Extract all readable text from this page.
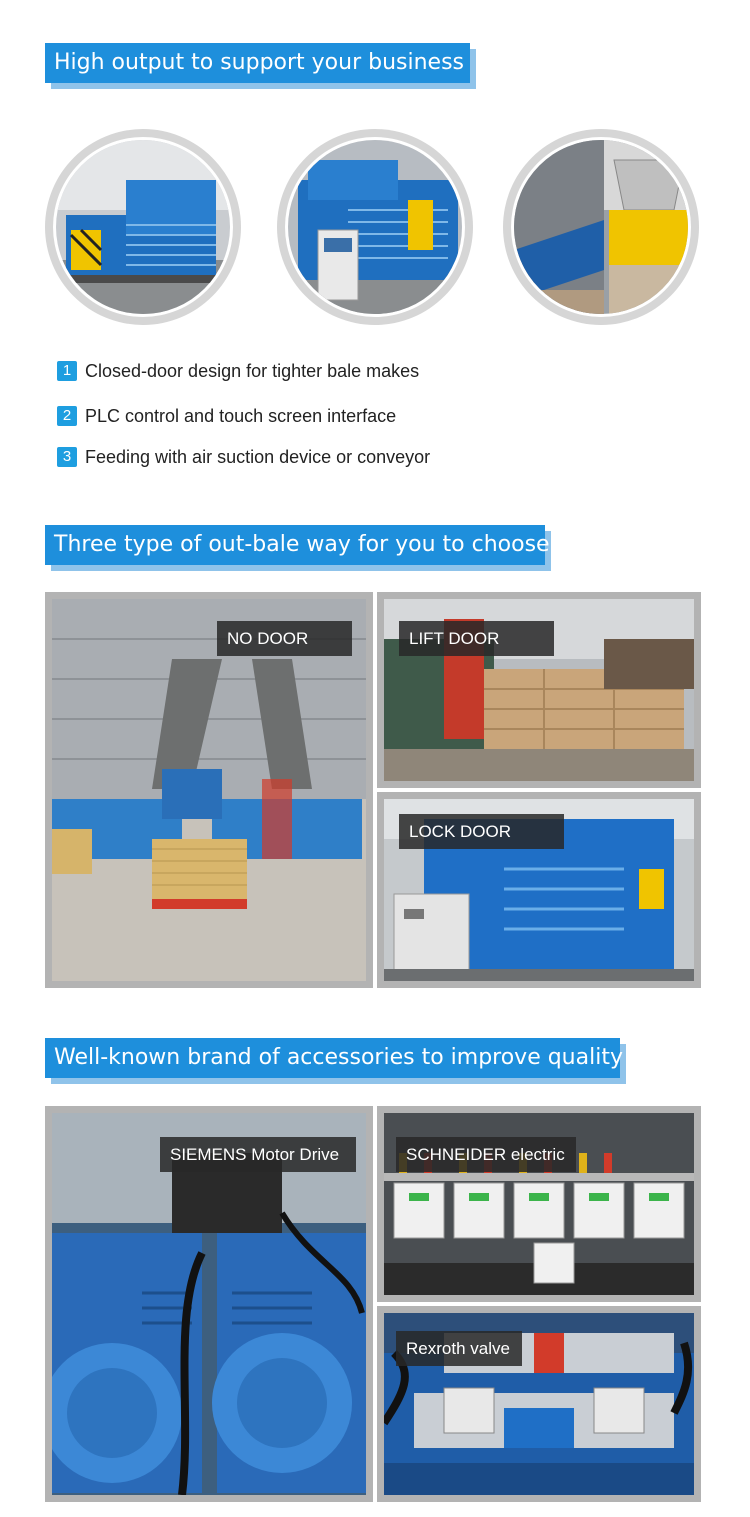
High output to support your business
1 Closed-door design for tighter bale makes
2 PLC control and touch screen interface
3 Feeding with air suction device or conveyor
Three type of out-bale way for you to choose
NO DOOR	LIFT DOOR
LOCK DOOR
Well-known brand of accessories to improve quality
SIEMENS Motor Drive	SCHNEIDER electric
Rexroth valve
